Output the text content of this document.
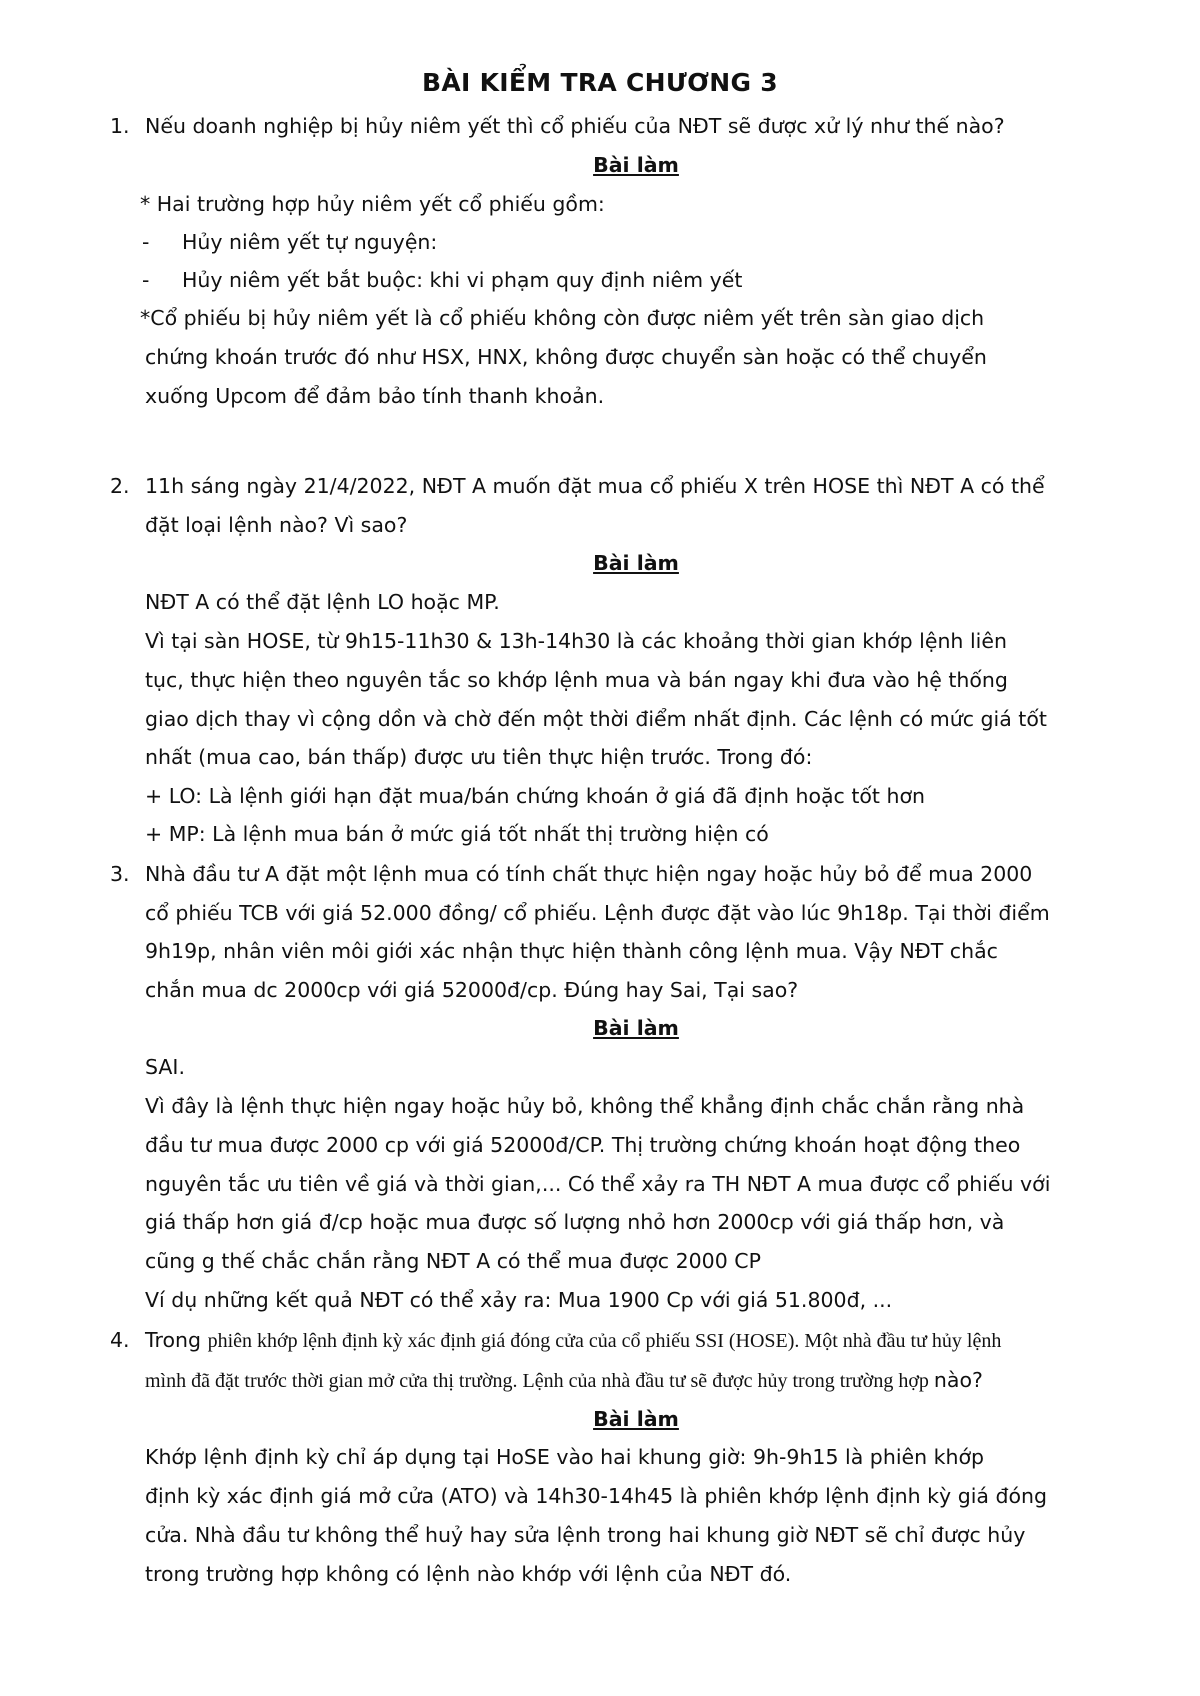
BÀI KIỂM TRA CHƯƠNG 3
1. Nếu doanh nghiệp bị hủy niêm yết thì cổ phiếu của NĐT sẽ được xử lý như thế nào?
Bài làm
* Hai trường hợp hủy niêm yết cổ phiếu gồm:
- Hủy niêm yết tự nguyện:
- Hủy niêm yết bắt buộc: khi vi phạm quy định niêm yết
*Cổ phiếu bị hủy niêm yết là cổ phiếu không còn được niêm yết trên sàn giao dịch
chứng khoán trước đó như HSX, HNX, không được chuyển sàn hoặc có thể chuyển
xuống Upcom để đảm bảo tính thanh khoản.
2. 11h sáng ngày 21/4/2022, NĐT A muốn đặt mua cổ phiếu X trên HOSE thì NĐT A có thể
đặt loại lệnh nào? Vì sao?
Bài làm
NĐT A có thể đặt lệnh LO hoặc MP.
Vì tại sàn HOSE, từ 9h15-11h30 & 13h-14h30 là các khoảng thời gian khớp lệnh liên
tục, thực hiện theo nguyên tắc so khớp lệnh mua và bán ngay khi đưa vào hệ thống
giao dịch thay vì cộng dồn và chờ đến một thời điểm nhất định. Các lệnh có mức giá tốt
nhất (mua cao, bán thấp) được ưu tiên thực hiện trước. Trong đó:
+ LO: Là lệnh giới hạn đặt mua/bán chứng khoán ở giá đã định hoặc tốt hơn
+ MP: Là lệnh mua bán ở mức giá tốt nhất thị trường hiện có
3. Nhà đầu tư A đặt một lệnh mua có tính chất thực hiện ngay hoặc hủy bỏ để mua 2000
cổ phiếu TCB với giá 52.000 đồng/ cổ phiếu. Lệnh được đặt vào lúc 9h18p. Tại thời điểm
9h19p, nhân viên môi giới xác nhận thực hiện thành công lệnh mua. Vậy NĐT chắc
chắn mua dc 2000cp với giá 52000đ/cp. Đúng hay Sai, Tại sao?
Bài làm
SAI.
Vì đây là lệnh thực hiện ngay hoặc hủy bỏ, không thể khẳng định chắc chắn rằng nhà
đầu tư mua được 2000 cp với giá 52000đ/CP. Thị trường chứng khoán hoạt động theo
nguyên tắc ưu tiên về giá và thời gian,... Có thể xảy ra TH NĐT A mua được cổ phiếu với
giá thấp hơn giá đ/cp hoặc mua được số lượng nhỏ hơn 2000cp với giá thấp hơn, và
cũng g thế chắc chắn rằng NĐT A có thể mua được 2000 CP
Ví dụ những kết quả NĐT có thể xảy ra: Mua 1900 Cp với giá 51.800đ, ...
4. Trong phiên khớp lệnh định kỳ xác định giá đóng cửa của cổ phiếu SSI (HOSE). Một nhà đầu tư hủy lệnh
mình đã đặt trước thời gian mở cửa thị trường. Lệnh của nhà đầu tư sẽ được hủy trong trường hợp nào?
Bài làm
Khớp lệnh định kỳ chỉ áp dụng tại HoSE vào hai khung giờ: 9h-9h15 là phiên khớp
định kỳ xác định giá mở cửa (ATO) và 14h30-14h45 là phiên khớp lệnh định kỳ giá đóng
cửa. Nhà đầu tư không thể huỷ hay sửa lệnh trong hai khung giờ NĐT sẽ chỉ được hủy
trong trường hợp không có lệnh nào khớp với lệnh của NĐT đó.
